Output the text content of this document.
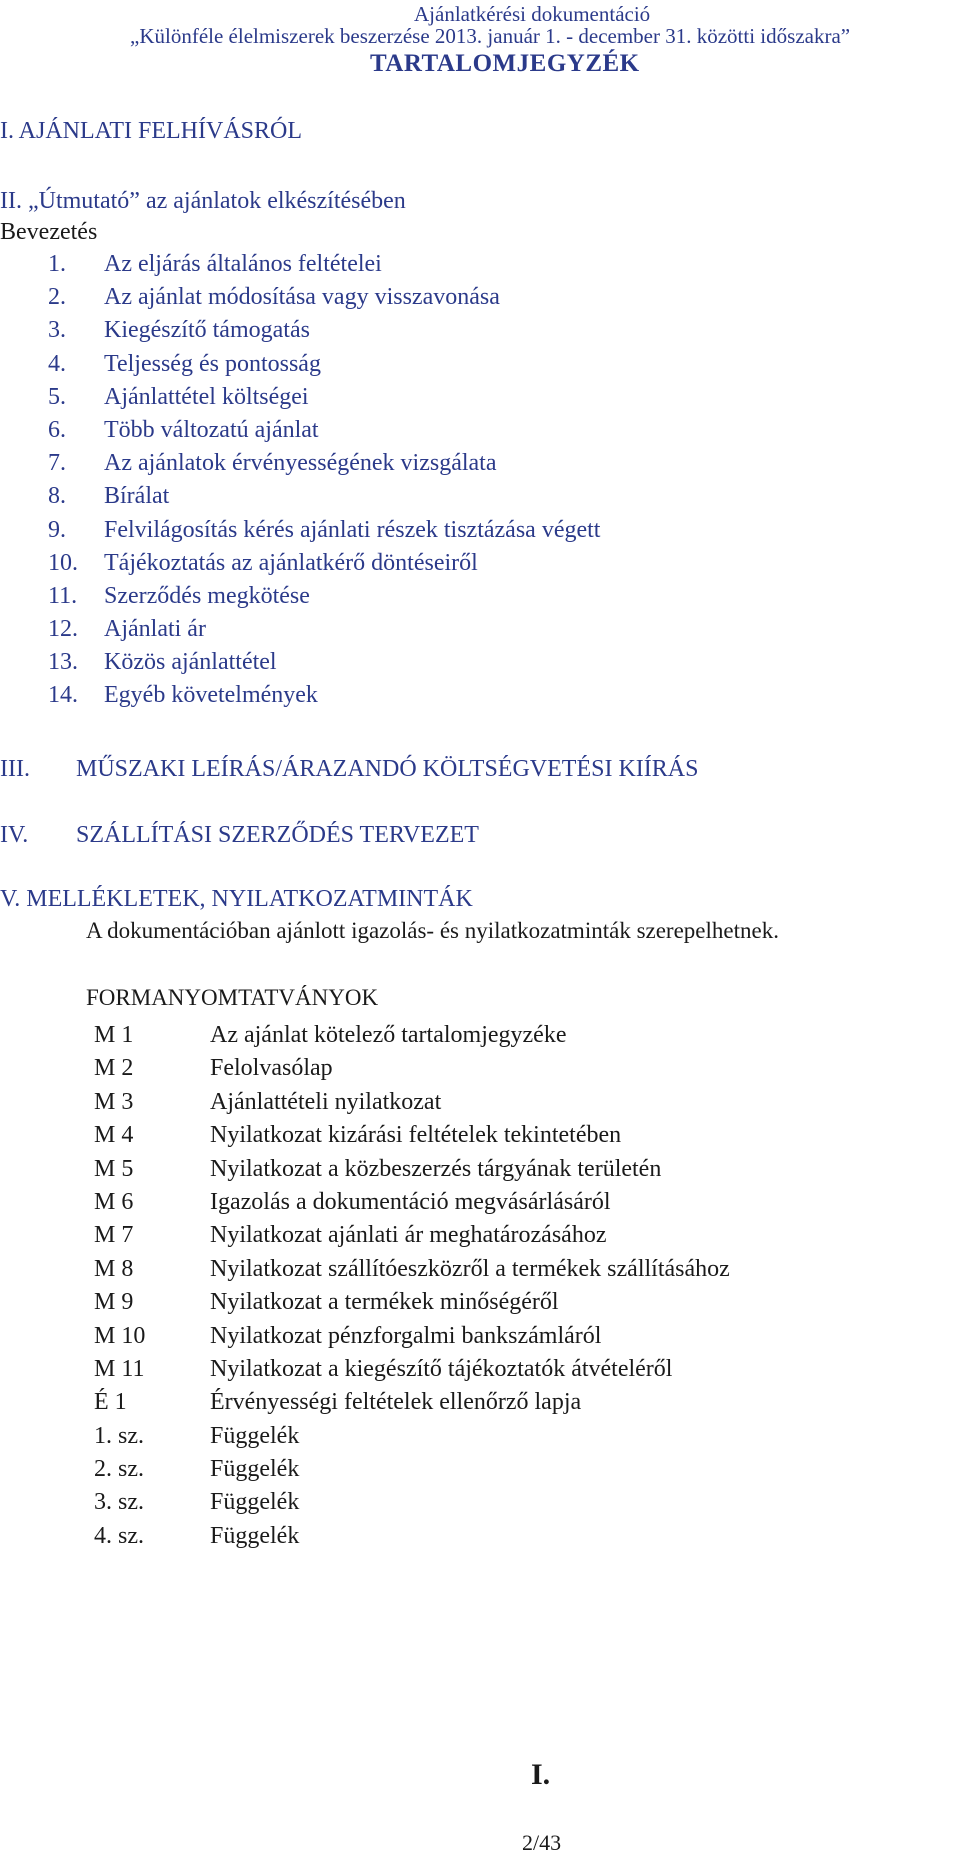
Ajánlatkérési dokumentáció
„Különféle élelmiszerek beszerzése 2013. január 1. - december 31. közötti időszakra”
TARTALOMJEGYZÉK
I. AJÁNLATI FELHÍVÁSRÓL
II. „Útmutató” az ajánlatok elkészítésében
Bevezetés
1. Az eljárás általános feltételei
2. Az ajánlat módosítása vagy visszavonása
3. Kiegészítő támogatás
4. Teljesség és pontosság
5. Ajánlattétel költségei
6. Több változatú ajánlat
7. Az ajánlatok érvényességének vizsgálata
8. Bírálat
9. Felvilágosítás kérés ajánlati részek tisztázása végett
10. Tájékoztatás az ajánlatkérő döntéseiről
11. Szerződés megkötése
12. Ajánlati ár
13. Közös ajánlattétel
14. Egyéb követelmények
III. MŰSZAKI LEÍRÁS/ÁRAZANDÓ KÖLTSÉGVETÉSI KIÍRÁS
IV. SZÁLLÍTÁSI SZERZŐDÉS TERVEZET
V. MELLÉKLETEK, NYILATKOZATMINTÁK
A dokumentációban ajánlott igazolás- és nyilatkozatminták szerepelhetnek.
FORMANYOMTATVÁNYOK
M 1	Az ajánlat kötelező tartalomjegyzéke
M 2	Felolvasólap
M 3	Ajánlattételi nyilatkozat
M 4	Nyilatkozat kizárási feltételek tekintetében
M 5	Nyilatkozat a közbeszerzés tárgyának területén
M 6	Igazolás a dokumentáció megvásárlásáról
M 7	Nyilatkozat ajánlati ár meghatározásához
M 8	Nyilatkozat szállítóeszközről a termékek szállításához
M 9	Nyilatkozat a termékek minőségéről
M 10	Nyilatkozat pénzforgalmi bankszámláról
M 11	Nyilatkozat a kiegészítő tájékoztatók átvételéről
É 1	Érvényességi feltételek ellenőrző lapja
1. sz.	Függelék
2. sz.	Függelék
3. sz.	Függelék
4. sz.	Függelék
I.
2/43
